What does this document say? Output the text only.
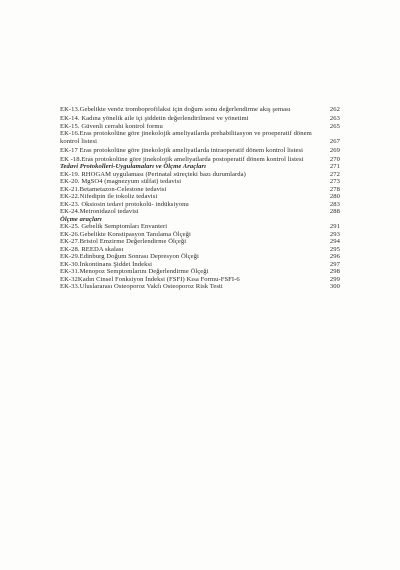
EK-13.Gebelikte venöz tromboprofilaksi için doğum sonu değerlendirme akış şeması	262
EK-14. Kadına yönelik aile içi şiddetin değerlendirilmesi ve yönetimi	263
EK-15. Güvenli cerrahi kontrol formu	265
EK-16.Eras protokolüne göre jinekolojik ameliyatlarda prehabilitasyon ve proeperatif dönem kontrol listesi	267
EK-17 Eras protokolüne göre jinekolojik ameliyatlarda intraoperatif dönem kontrol listesi	269
EK -18.Eras protokolüne göre jinekolojik ameliyatlarda postoperatif dönem kontrol listesi	270
Tedavi Protokolleri-Uygulamaları ve Ölçme Araçları	271
EK-19. RHOGAM uygulaması (Perinatal süreçteki bazı durumlarda)	272
EK-20. MgSO4 (magnezyum sülfat) tedavisi	273
EK-21.Betametazon-Celestone tedavisi	278
EK-22.Nifedipin ile tokoliz tedavisi	280
EK-23. Oksiosin tedavi protokolü- indüksiyonu	283
EK-24.Metronidazol tedavisi	288
Ölçme araçları
EK-25. Gebelik Semptomları Envanteri	291
EK-26.Gebelikte Konstipasyon Tanılama Ölçeği	293
EK-27.Bristol Emzirme Değerlendirme Ölçeği	294
EK-28. REEDA skalası	295
EK-29.Edinburg Doğum Sonrası Depresyon Ölçeği	296
EK-30.İnkontinans Şiddet İndeksi	297
EK-31.Menopoz Semptomlarını Değerlendirme Ölçeği	298
EK-32Kadın Cinsel Fonksiyon İndeksi (FSFI) Kısa Formu-FSFI-6	299
EK-33.Uluslararası Osteoporoz Vakfı Osteoporoz Risk Testi	300
